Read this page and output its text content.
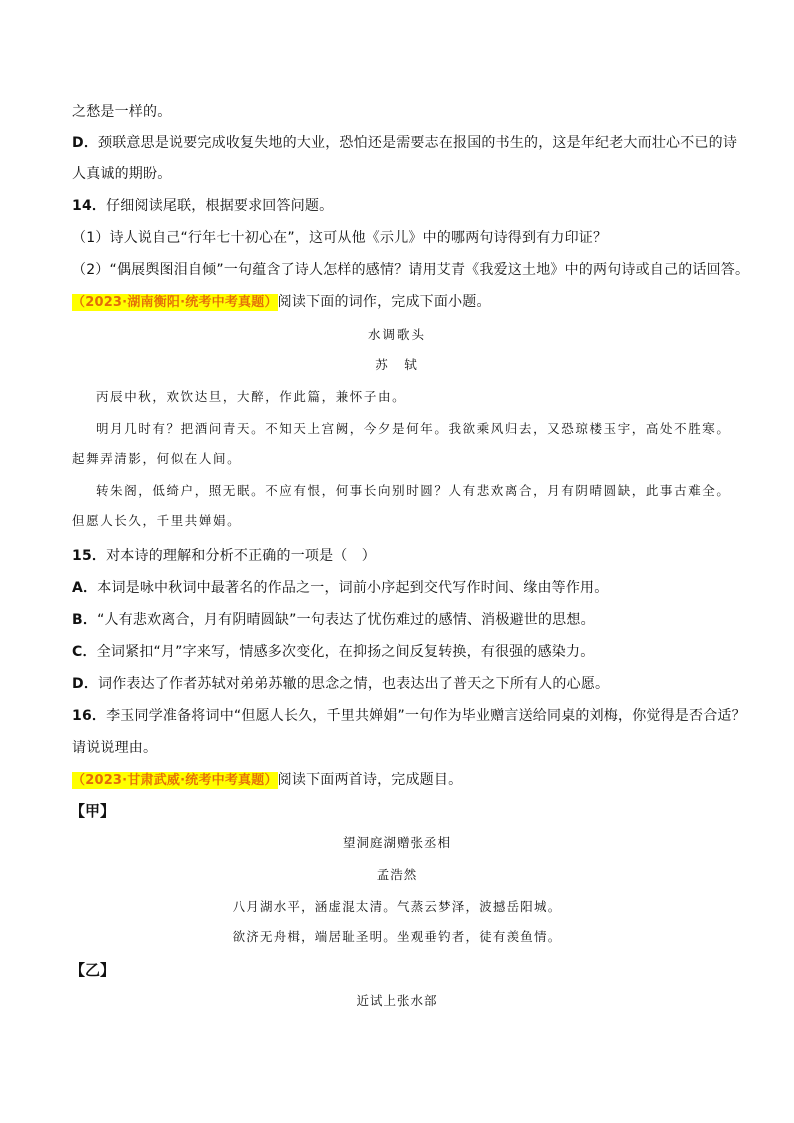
之愁是一样的。
D．颈联意思是说要完成收复失地的大业，恐怕还是需要志在报国的书生的，这是年纪老大而壮心不已的诗
人真诚的期盼。
14．仔细阅读尾联，根据要求回答问题。
（1）诗人说自己“行年七十初心在”，这可从他《示儿》中的哪两句诗得到有力印证？
（2）“偶展舆图泪自倾”一句蕴含了诗人怎样的感情？请用艾青《我爱这土地》中的两句诗或自己的话回答。
（2023·湖南衡阳·统考中考真题）阅读下面的词作，完成下面小题。
水调歌头
苏　轼
丙辰中秋，欢饮达旦，大醉，作此篇，兼怀子由。
明月几时有？把酒问青天。不知天上宫阙，今夕是何年。我欲乘风归去，又恐琼楼玉宇，高处不胜寒。
起舞弄清影，何似在人间。
转朱阁，低绮户，照无眠。不应有恨，何事长向别时圆？人有悲欢离合，月有阴晴圆缺，此事古难全。
但愿人长久，千里共婵娟。
15．对本诗的理解和分析不正确的一项是（　）
A．本词是咏中秋词中最著名的作品之一，词前小序起到交代写作时间、缘由等作用。
B．“人有悲欢离合，月有阴晴圆缺”一句表达了忧伤难过的感情、消极避世的思想。
C．全词紧扣“月”字来写，情感多次变化，在抑扬之间反复转换，有很强的感染力。
D．词作表达了作者苏轼对弟弟苏辙的思念之情，也表达出了普天之下所有人的心愿。
16．李玉同学准备将词中“但愿人长久，千里共婵娟”一句作为毕业赠言送给同桌的刘梅，你觉得是否合适？
请说说理由。
（2023·甘肃武威·统考中考真题）阅读下面两首诗，完成题目。
【甲】
望洞庭湖赠张丞相
孟浩然
八月湖水平，涵虚混太清。气蒸云梦泽，波撼岳阳城。
欲济无舟楫，端居耻圣明。坐观垂钓者，徒有羡鱼情。
【乙】
近试上张水部
